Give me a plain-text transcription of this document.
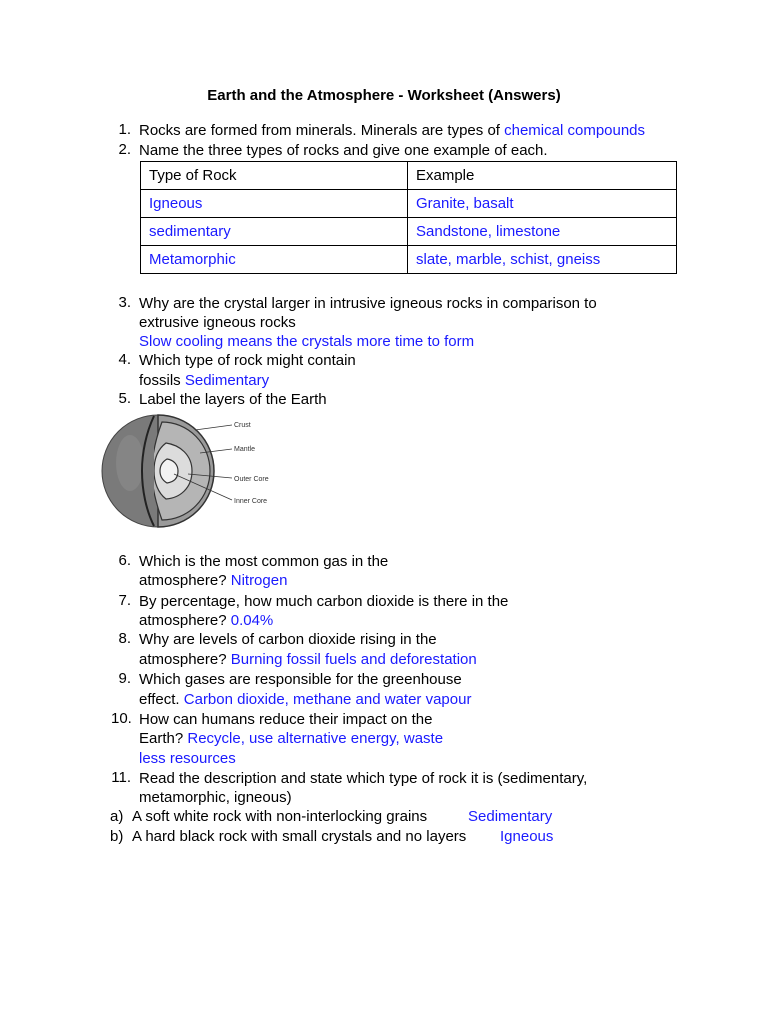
Earth and the Atmosphere - Worksheet (Answers)
1. Rocks are formed from minerals. Minerals are types of chemical compounds
2. Name the three types of rocks and give one example of each.
Type of Rock	Example
Igneous	Granite, basalt
sedimentary	Sandstone, limestone
Metamorphic	slate, marble, schist, gneiss
3. Why are the crystal larger in intrusive igneous rocks in comparison to
extrusive igneous rocks
Slow cooling means the crystals more time to form
4. Which type of rock might contain
fossils Sedimentary
5. Label the layers of the Earth
Crust
Mantle
Outer Core
Inner Core
6. Which is the most common gas in the
atmosphere? Nitrogen
7. By percentage, how much carbon dioxide is there in the
atmosphere? 0.04%
8. Why are levels of carbon dioxide rising in the
atmosphere? Burning fossil fuels and deforestation
9. Which gases are responsible for the greenhouse
effect. Carbon dioxide, methane and water vapour
10. How can humans reduce their impact on the
Earth? Recycle, use alternative energy, waste
less resources
11. Read the description and state which type of rock it is (sedimentary,
metamorphic, igneous)
a) A soft white rock with non-interlocking grains	Sedimentary
b) A hard black rock with small crystals and no layers Igneous
